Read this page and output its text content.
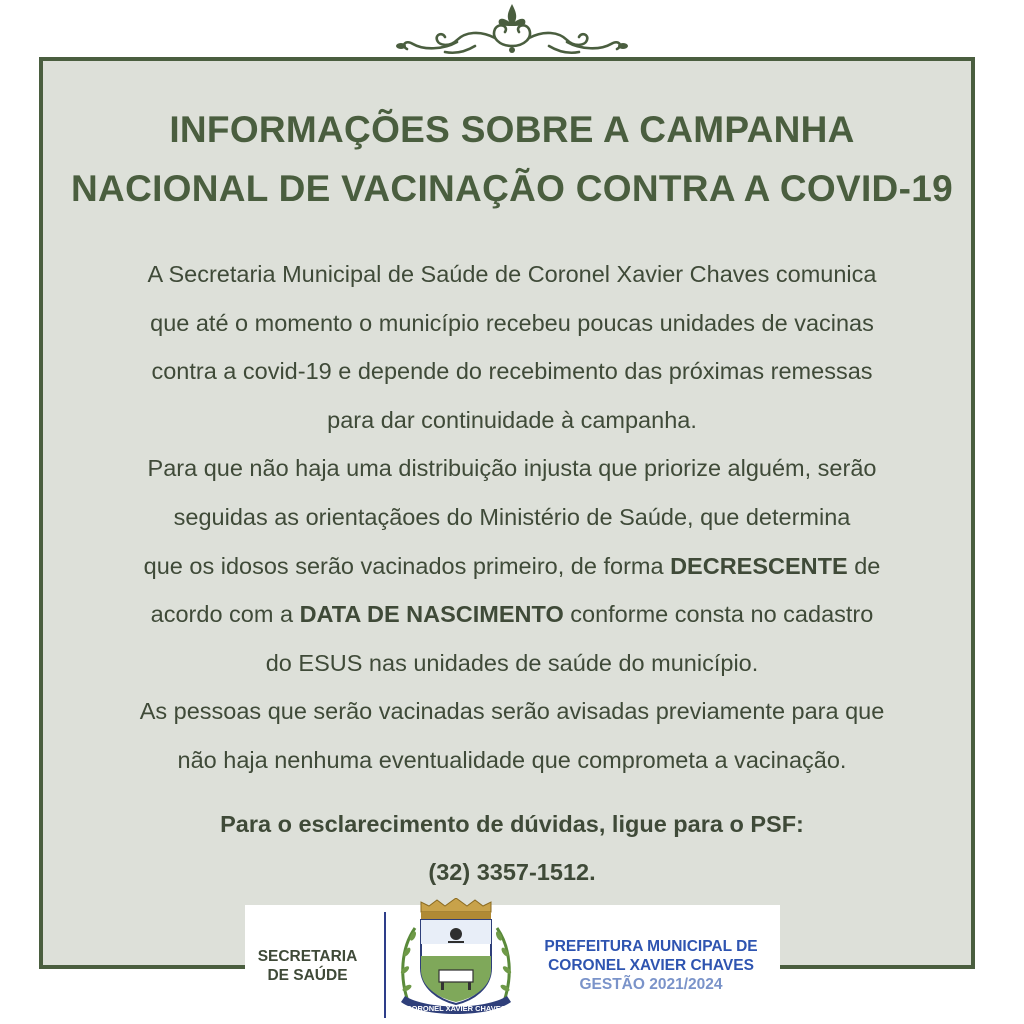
INFORMAÇÕES SOBRE A CAMPANHA
NACIONAL DE VACINAÇÃO CONTRA A COVID-19

A Secretaria Municipal de Saúde de Coronel Xavier Chaves comunica
que até o momento o município recebeu poucas unidades de vacinas
contra a covid-19 e depende do recebimento das próximas remessas
para dar continuidade à campanha.

Para que não haja uma distribuição injusta que priorize alguém, serão
seguidas as orientaçãoes do Ministério de Saúde, que determina
que os idosos serão vacinados primeiro, de forma DECRESCENTE de
acordo com a DATA DE NASCIMENTO conforme consta no cadastro
do ESUS nas unidades de saúde do município.

As pessoas que serão vacinadas serão avisadas previamente para que
não haja nenhuma eventualidade que comprometa a vacinação.

Para o esclarecimento de dúvidas, ligue para o PSF:
(32) 3357-1512.
SECRETARIA
DE SAÚDE
CORONEL XAVIER CHAVES
PREFEITURA MUNICIPAL DE
CORONEL XAVIER CHAVES
GESTÃO 2021/2024
